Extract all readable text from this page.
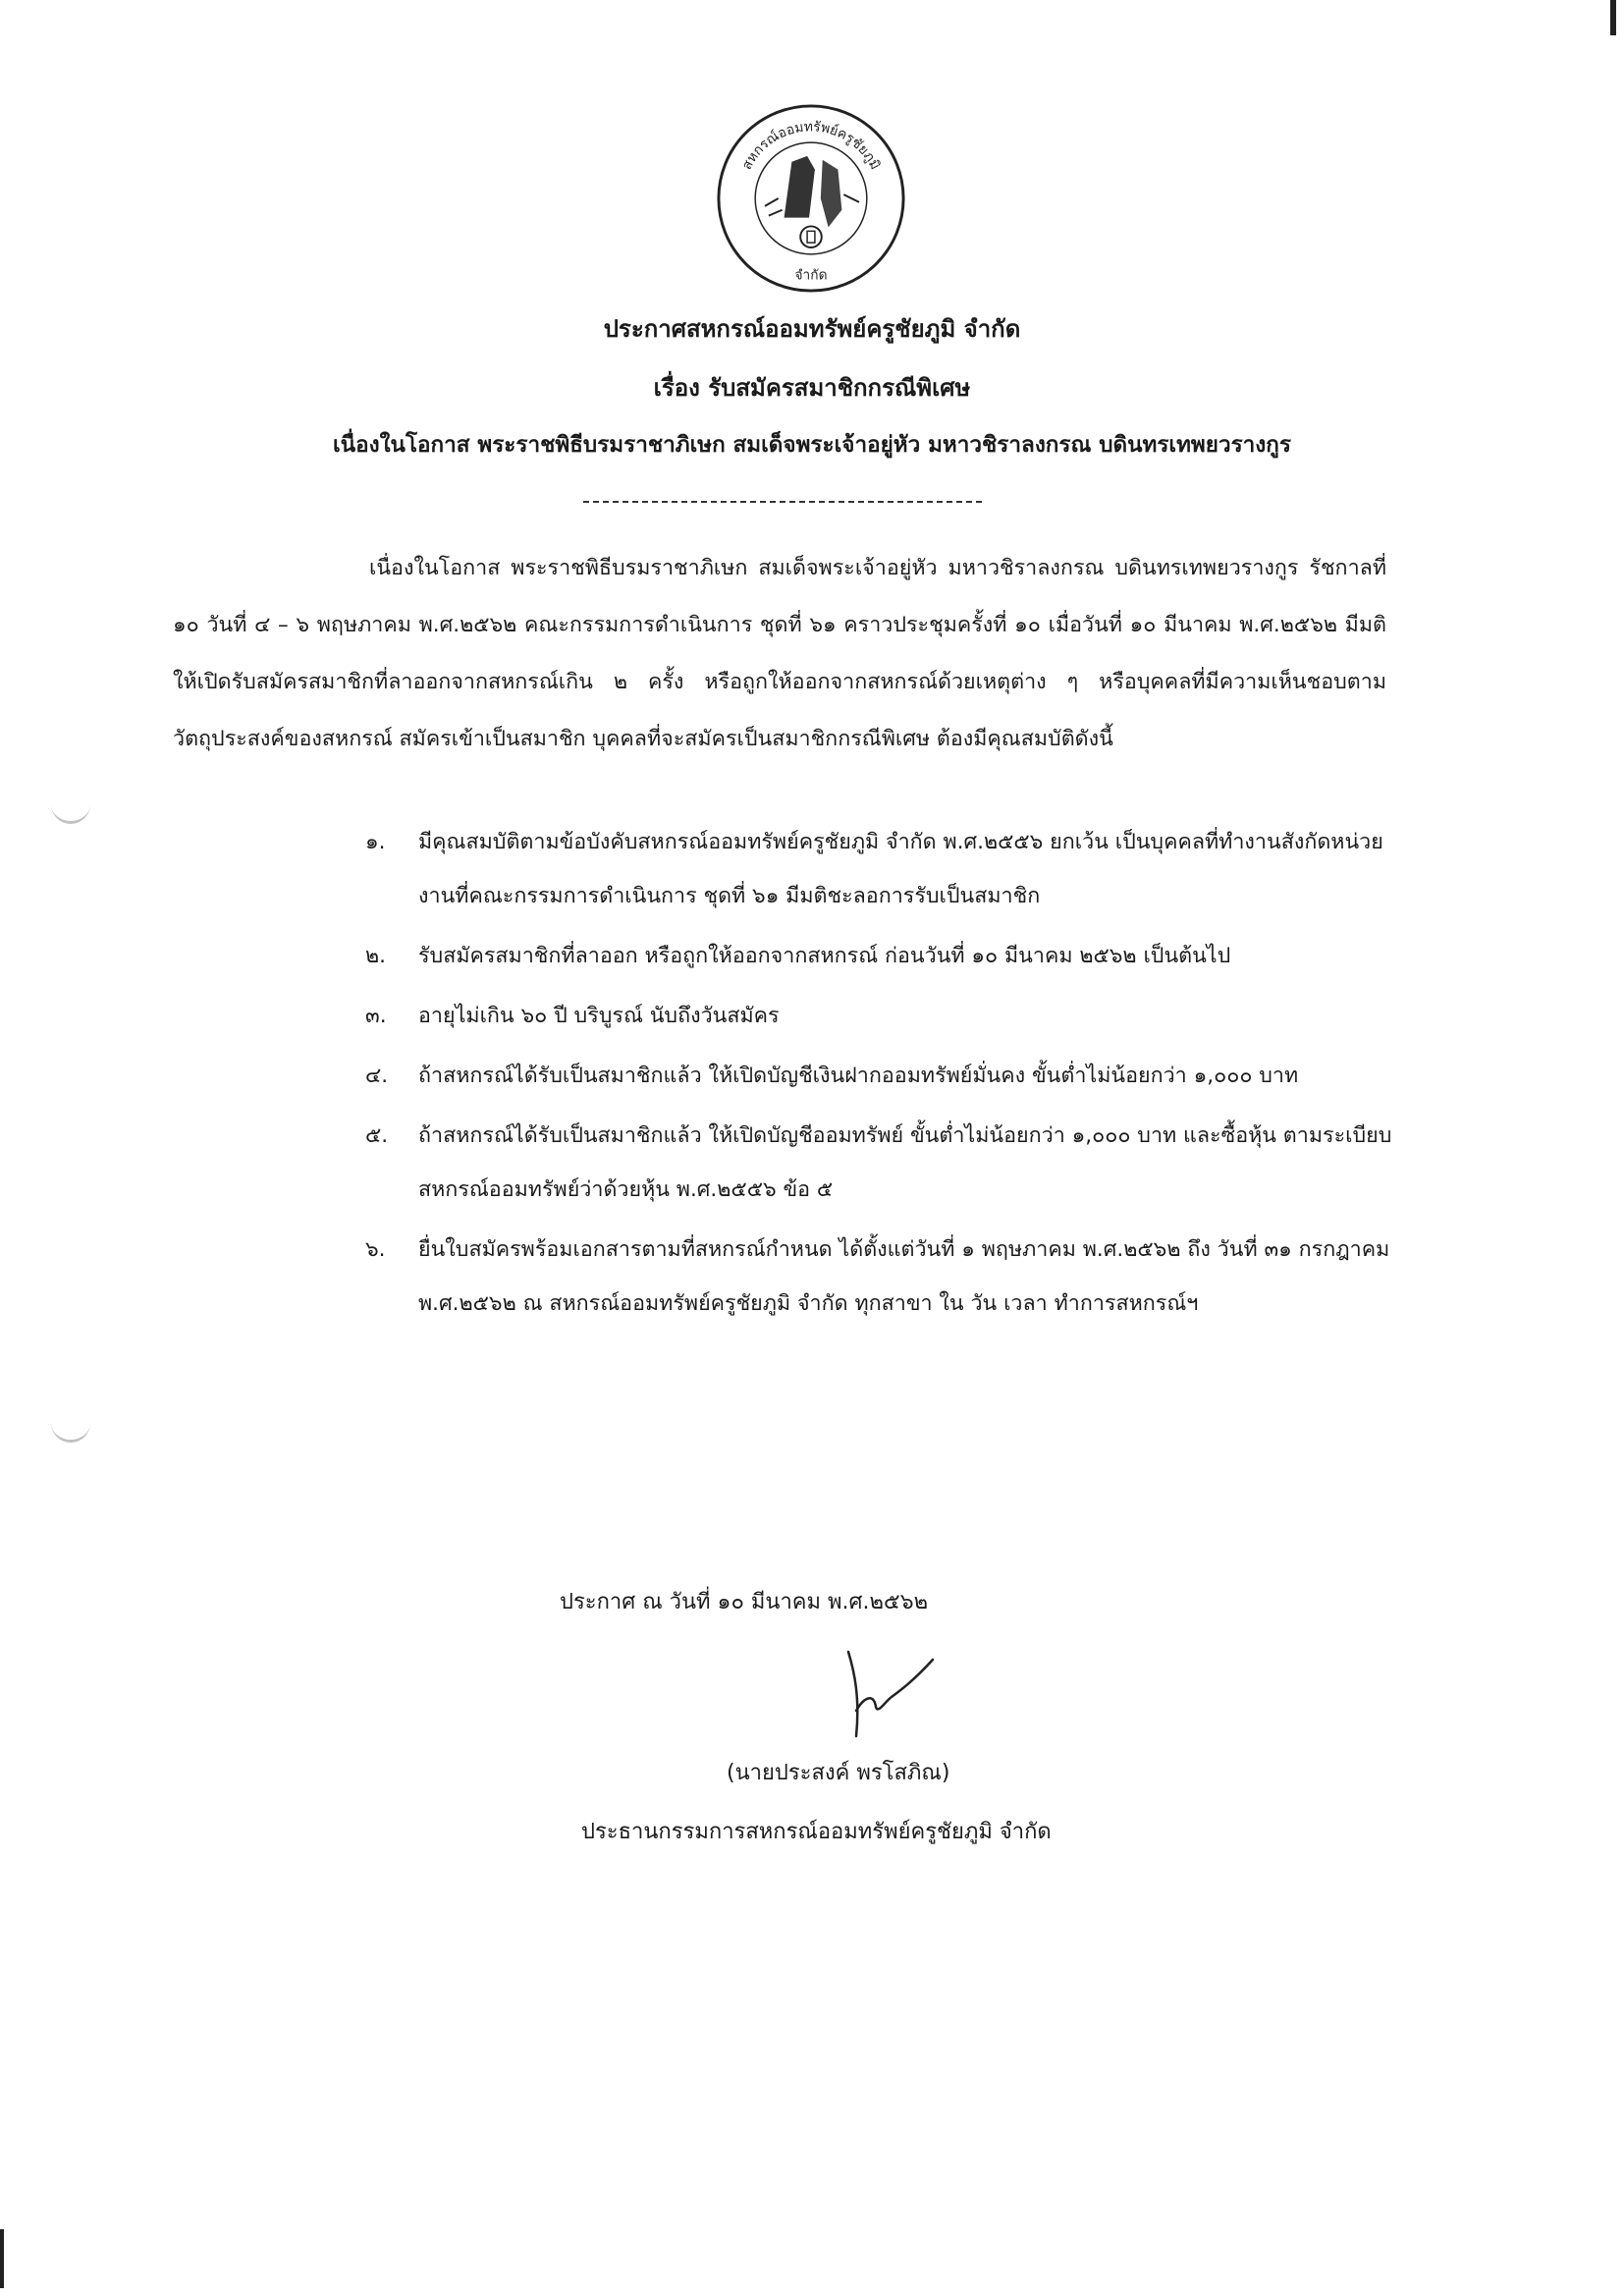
สหกรณ์ออมทรัพย์ครูชัยภูมิ
จำกัด
ประกาศสหกรณ์ออมทรัพย์ครูชัยภูมิ จำกัด
เรื่อง รับสมัครสมาชิกกรณีพิเศษ
เนื่องในโอกาส พระราชพิธีบรมราชาภิเษก สมเด็จพระเจ้าอยู่หัว มหาวชิราลงกรณ บดินทรเทพยวรางกูร
เนื่องในโอกาส พระราชพิธีบรมราชาภิเษก สมเด็จพระเจ้าอยู่หัว มหาวชิราลงกรณ บดินทรเทพยวรางกูร รัชกาลที่ ๑๐ วันที่ ๔ – ๖ พฤษภาคม พ.ศ.๒๕๖๒ คณะกรรมการดำเนินการ ชุดที่ ๖๑ คราวประชุมครั้งที่ ๑๐ เมื่อวันที่ ๑๐ มีนาคม พ.ศ.๒๕๖๒ มีมติให้เปิดรับสมัครสมาชิกที่ลาออกจากสหกรณ์เกิน ๒ ครั้ง หรือถูกให้ออกจากสหกรณ์ด้วยเหตุต่าง ๆ หรือบุคคลที่มีความเห็นชอบตามวัตถุประสงค์ของสหกรณ์ สมัครเข้าเป็นสมาชิก บุคคลที่จะสมัครเป็นสมาชิกกรณีพิเศษ ต้องมีคุณสมบัติดังนี้
๑. มีคุณสมบัติตามข้อบังคับสหกรณ์ออมทรัพย์ครูชัยภูมิ จำกัด พ.ศ.๒๕๕๖ ยกเว้น เป็นบุคคลที่ทำงานสังกัดหน่วยงานที่คณะกรรมการดำเนินการ ชุดที่ ๖๑ มีมติชะลอการรับเป็นสมาชิก
๒. รับสมัครสมาชิกที่ลาออก หรือถูกให้ออกจากสหกรณ์ ก่อนวันที่ ๑๐ มีนาคม ๒๕๖๒ เป็นต้นไป
๓. อายุไม่เกิน ๖๐ ปี บริบูรณ์ นับถึงวันสมัคร
๔. ถ้าสหกรณ์ได้รับเป็นสมาชิกแล้ว ให้เปิดบัญชีเงินฝากออมทรัพย์มั่นคง ขั้นต่ำไม่น้อยกว่า ๑,๐๐๐ บาท
๕. ถ้าสหกรณ์ได้รับเป็นสมาชิกแล้ว ให้เปิดบัญชีออมทรัพย์ ขั้นต่ำไม่น้อยกว่า ๑,๐๐๐ บาท และซื้อหุ้น ตามระเบียบสหกรณ์ออมทรัพย์ว่าด้วยหุ้น พ.ศ.๒๕๕๖ ข้อ ๕
๖. ยื่นใบสมัครพร้อมเอกสารตามที่สหกรณ์กำหนด ได้ตั้งแต่วันที่ ๑ พฤษภาคม พ.ศ.๒๕๖๒ ถึง วันที่ ๓๑ กรกฎาคม พ.ศ.๒๕๖๒ ณ สหกรณ์ออมทรัพย์ครูชัยภูมิ จำกัด ทุกสาขา ใน วัน เวลา ทำการสหกรณ์ฯ
ประกาศ ณ วันที่ ๑๐ มีนาคม พ.ศ.๒๕๖๒
(นายประสงค์ พรโสภิณ)
ประธานกรรมการสหกรณ์ออมทรัพย์ครูชัยภูมิ จำกัด
